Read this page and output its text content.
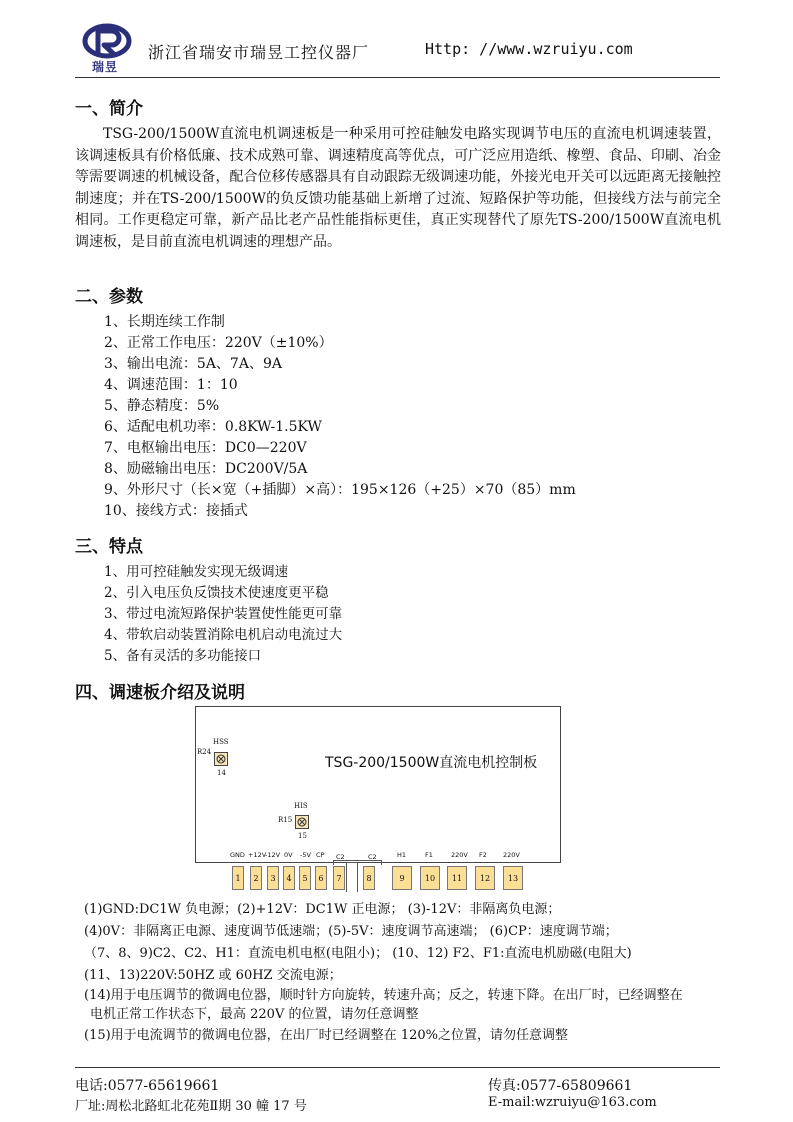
瑞昱
浙江省瑞安市瑞昱工控仪器厂	Http: //www.wzruiyu.com
一、简介
TSG-200/1500W直流电机调速板是一种采用可控硅触发电路实现调节电压的直流电机调速装置，该调速板具有价格低廉、技术成熟可靠、调速精度高等优点，可广泛应用造纸、橡塑、食品、印刷、冶金等需要调速的机械设备，配合位移传感器具有自动跟踪无级调速功能，外接光电开关可以远距离无接触控制速度；并在TS-200/1500W的负反馈功能基础上新增了过流、短路保护等功能，但接线方法与前完全相同。工作更稳定可靠，新产品比老产品性能指标更佳，真正实现替代了原先TS-200/1500W直流电机调速板，是目前直流电机调速的理想产品。
二、参数
1、长期连续工作制
2、正常工作电压：220V（±10%）
3、输出电流：5A、7A、9A
4、调速范围：1：10
5、静态精度：5%
6、适配电机功率：0.8KW-1.5KW
7、电枢输出电压：DC0—220V
8、励磁输出电压：DC200V/5A
9、外形尺寸（长×宽（+插脚）×高）：195×126（+25）×70（85）mm
10、接线方式：接插式
三、特点
1、用可控硅触发实现无级调速
2、引入电压负反馈技术使速度更平稳
3、带过电流短路保护装置使性能更可靠
4、带软启动装置消除电机启动电流过大
5、备有灵活的多功能接口
四、调速板介绍及说明
TSG-200/1500W直流电机控制板
HSS
R24
14
HIS
R15
15
GND +12V
-12V 0V -5V CP C2	C2	H1	F1	220V F2 220V
1	2	3	4	5	6	7	8	9	10	11	12	13
(1)GND:DC1W 负电源；(2)+12V：DC1W 正电源； (3)-12V：非隔离负电源；
(4)0V：非隔离正电源、速度调节低速端；(5)-5V：速度调节高速端； (6)CP：速度调节端；
（7、8、9)C2、C2、H1：直流电机电枢(电阻小)； (10、12) F2、F1:直流电机励磁(电阻大)
(11、13)220V:50HZ 或 60HZ 交流电源；
(14)用于电压调节的微调电位器，顺时针方向旋转，转速升高；反之，转速下降。在出厂时，已经调整在
电机正常工作状态下，最高 220V 的位置，请勿任意调整
(15)用于电流调节的微调电位器，在出厂时已经调整在 120%之位置，请勿任意调整
电话:0577-65619661	传真:0577-65809661
厂址:周松北路虹北花苑Ⅱ期 30 幢 17 号	E-mail:wzruiyu@163.com
